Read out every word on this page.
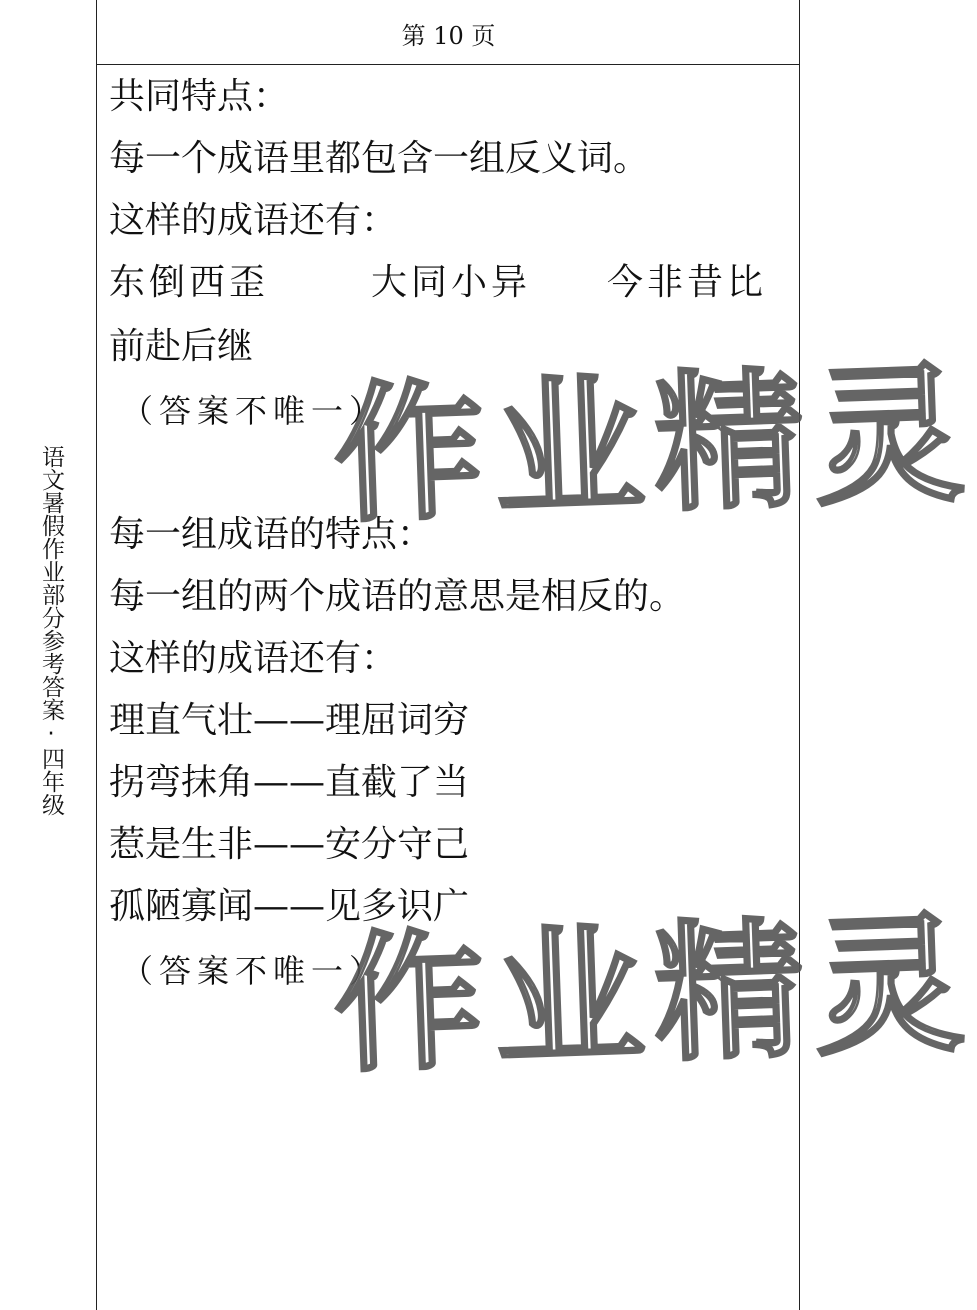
语文暑假作业部分参考答案·四年级
第 10 页
共同特点：
每一个成语里都包含一组反义词。
这样的成语还有：
东倒西歪	大同小异 今非昔比
前赴后继
（答案不唯一）
每一组成语的特点：
每一组的两个成语的意思是相反的。
这样的成语还有：
理直气壮——理屈词穷
拐弯抹角——直截了当
惹是生非——安分守己
孤陋寡闻——见多识广
（答案不唯一）
作业精灵
作业精灵
